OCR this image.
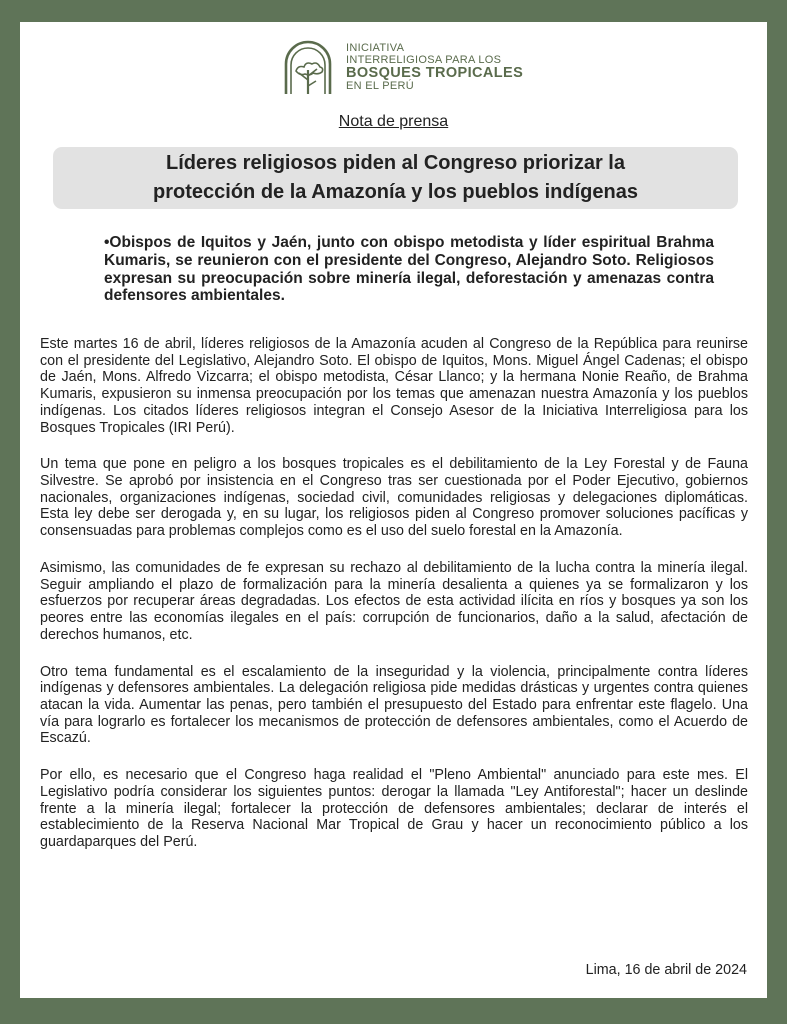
INICIATIVA
INTERRELIGIOSA PARA LOS
BOSQUES TROPICALES
EN EL PERÚ
Nota de prensa
Líderes religiosos piden al Congreso priorizar la
protección de la Amazonía y los pueblos indígenas
•Obispos de Iquitos y Jaén, junto con obispo metodista y líder espiritual Brahma Kumaris, se reunieron con el presidente del Congreso, Alejandro Soto. Religiosos expresan su preocupación sobre minería ilegal, deforestación y amenazas contra defensores ambientales.

Este martes 16 de abril, líderes religiosos de la Amazonía acuden al Congreso de la República para reunirse con el presidente del Legislativo, Alejandro Soto. El obispo de Iquitos, Mons. Miguel Ángel Cadenas; el obispo de Jaén, Mons. Alfredo Vizcarra; el obispo metodista, César Llanco; y la hermana Nonie Reaño, de Brahma Kumaris, expusieron su inmensa preocupación por los temas que amenazan nuestra Amazonía y los pueblos indígenas. Los citados líderes religiosos integran el Consejo Asesor de la Iniciativa Interreligiosa para los Bosques Tropicales (IRI Perú).

Un tema que pone en peligro a los bosques tropicales es el debilitamiento de la Ley Forestal y de Fauna Silvestre. Se aprobó por insistencia en el Congreso tras ser cuestionada por el Poder Ejecutivo, gobiernos nacionales, organizaciones indígenas, sociedad civil, comunidades religiosas y delegaciones diplomáticas. Esta ley debe ser derogada y, en su lugar, los religiosos piden al Congreso promover soluciones pacíficas y consensuadas para problemas complejos como es el uso del suelo forestal en la Amazonía.

Asimismo, las comunidades de fe expresan su rechazo al debilitamiento de la lucha contra la minería ilegal. Seguir ampliando el plazo de formalización para la minería desalienta a quienes ya se formalizaron y los esfuerzos por recuperar áreas degradadas. Los efectos de esta actividad ilícita en ríos y bosques ya son los peores entre las economías ilegales en el país: corrupción de funcionarios, daño a la salud, afectación de derechos humanos, etc.

Otro tema fundamental es el escalamiento de la inseguridad y la violencia, principalmente contra líderes indígenas y defensores ambientales. La delegación religiosa pide medidas drásticas y urgentes contra quienes atacan la vida. Aumentar las penas, pero también el presupuesto del Estado para enfrentar este flagelo. Una vía para lograrlo es fortalecer los mecanismos de protección de defensores ambientales, como el Acuerdo de Escazú.

Por ello, es necesario que el Congreso haga realidad el "Pleno Ambiental" anunciado para este mes. El Legislativo podría considerar los siguientes puntos: derogar la llamada "Ley Antiforestal"; hacer un deslinde frente a la minería ilegal; fortalecer la protección de defensores ambientales; declarar de interés el establecimiento de la Reserva Nacional Mar Tropical de Grau y hacer un reconocimiento público a los guardaparques del Perú.

Lima, 16 de abril de 2024
